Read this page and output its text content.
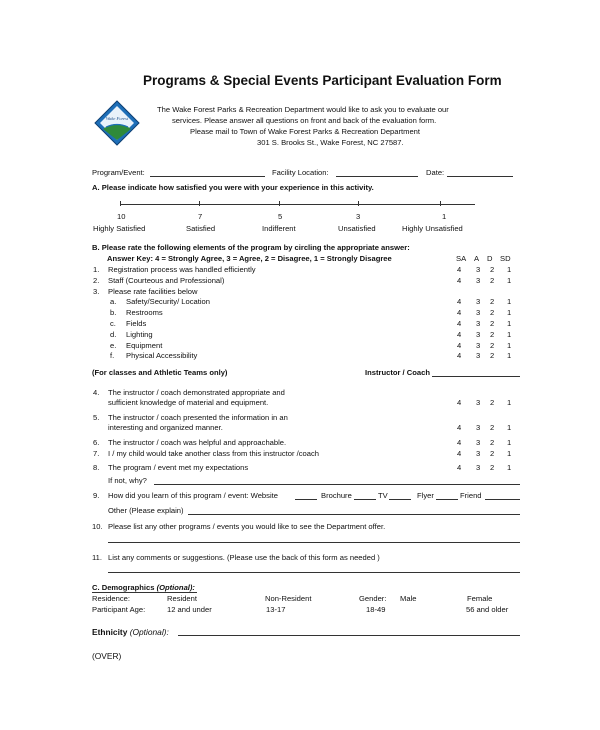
Programs & Special Events Participant Evaluation Form
Wake Forest
The Wake Forest Parks & Recreation Department would like to ask you to evaluate our
services. Please answer all questions on front and back of the evaluation form.
Please mail to Town of Wake Forest Parks & Recreation Department
301 S. Brooks St., Wake Forest, NC 27587.
Program/Event:	Facility Location:	Date:
A. Please indicate how satisfied you were with your experience in this activity.
10	7	5	3	1
Highly Satisfied	Satisfied	Indifferent	Unsatisfied	Highly Unsatisfied
B. Please rate the following elements of the program by circling the appropriate answer:
Answer Key: 4 = Strongly Agree, 3 = Agree, 2 = Disagree, 1 = Strongly Disagree	SA A D SD
1. Registration process was handled efficiently	4 3 2 1
2. Staff (Courteous and Professional)	4 3 2 1
3. Please rate facilities below
a. Safety/Security/ Location	4 3 2 1
b. Restrooms	4 3 2 1
c. Fields	4 3 2 1
d. Lighting	4 3 2 1
e. Equipment	4 3 2 1
f. Physical Accessibility	4 3 2 1
(For classes and Athletic Teams only)	Instructor / Coach
4. The instructor / coach demonstrated appropriate and
sufficient knowledge of material and equipment.	4 3 2 1
5. The instructor / coach presented the information in an
interesting and organized manner.	4 3 2 1
6. The instructor / coach was helpful and approachable.	4 3 2 1
7. I / my child would take another class from this instructor /coach	4 3 2 1
8. The program / event met my expectations	4 3 2 1
If not, why?
9. How did you learn of this program / event: Website	Brochure	TV	Flyer	Friend
Other (Please explain)
10. Please list any other programs / events you would like to see the Department offer.
11. List any comments or suggestions. (Please use the back of this form as needed )
C. Demographics (Optional):
Residence:	Resident	Non-Resident	Gender: Male	Female
Participant Age:	12 and under	13-17	18-49	56 and older
Ethnicity (Optional):
(OVER)
